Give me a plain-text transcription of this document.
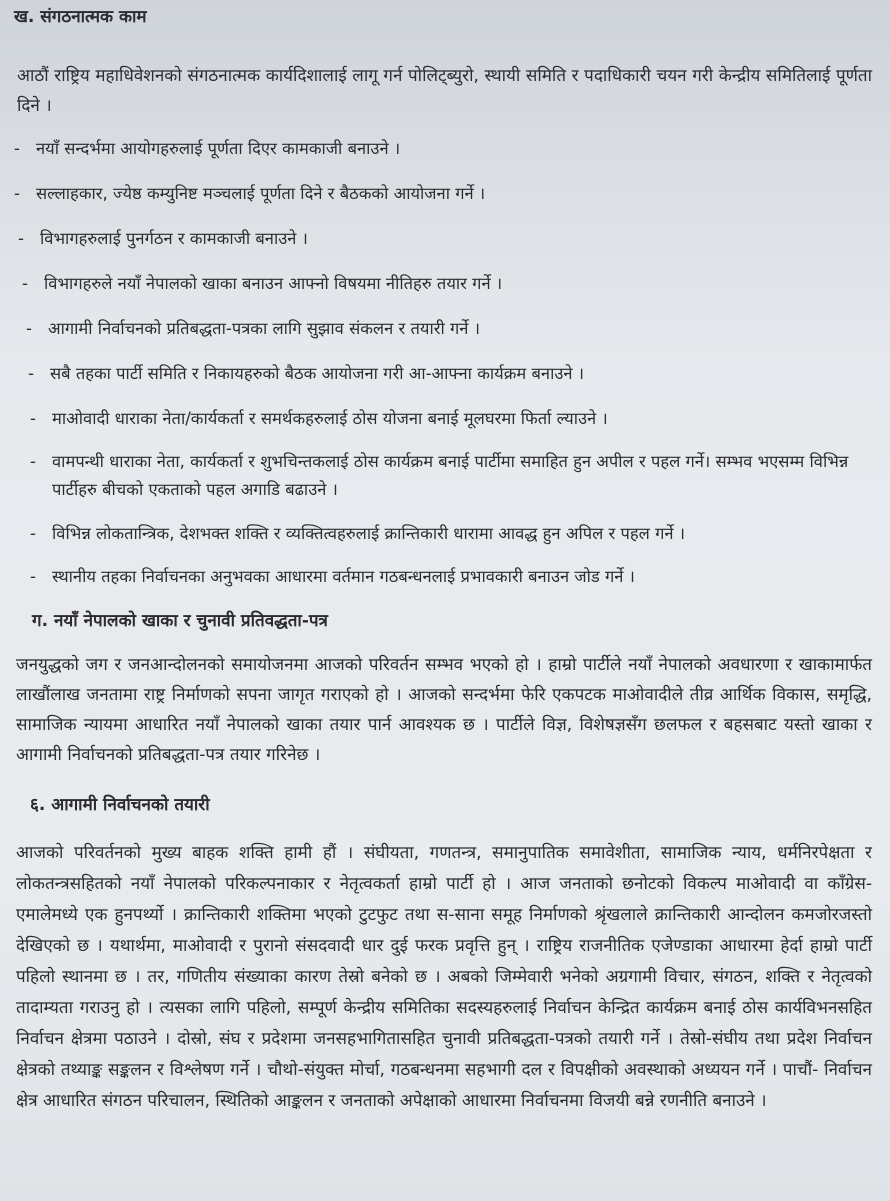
ख. संगठनात्मक काम

आठौं राष्ट्रिय महाधिवेशनको संगठनात्मक कार्यदिशालाई लागू गर्न पोलिट्ब्युरो, स्थायी समिति र पदाधिकारी चयन गरी केन्द्रीय समितिलाई पूर्णता दिने ।

- नयाँ सन्दर्भमा आयोगहरुलाई पूर्णता दिएर कामकाजी बनाउने ।
- सल्लाहकार, ज्येष्ठ कम्युनिष्ट मञ्चलाई पूर्णता दिने र बैठकको आयोजना गर्ने ।
- विभागहरुलाई पुनर्गठन र कामकाजी बनाउने ।
- विभागहरुले नयाँ नेपालको खाका बनाउन आफ्नो विषयमा नीतिहरु तयार गर्ने ।
- आगामी निर्वाचनको प्रतिबद्धता-पत्रका लागि सुझाव संकलन र तयारी गर्ने ।
- सबै तहका पार्टी समिति र निकायहरुको बैठक आयोजना गरी आ-आफ्ना कार्यक्रम बनाउने ।
- माओवादी धाराका नेता/कार्यकर्ता र समर्थकहरुलाई ठोस योजना बनाई मूलघरमा फिर्ता ल्याउने ।
- वामपन्थी धाराका नेता, कार्यकर्ता र शुभचिन्तकलाई ठोस कार्यक्रम बनाई पार्टीमा समाहित हुन अपील र पहल गर्ने। सम्भव भएसम्म विभिन्न पार्टीहरु बीचको एकताको पहल अगाडि बढाउने ।
- विभिन्न लोकतान्त्रिक, देशभक्त शक्ति र व्यक्तित्वहरुलाई क्रान्तिकारी धारामा आवद्ध हुन अपिल र पहल गर्ने ।
- स्थानीय तहका निर्वाचनका अनुभवका आधारमा वर्तमान गठबन्धनलाई प्रभावकारी बनाउन जोड गर्ने ।
ग. नयाँ नेपालको खाका र चुनावी प्रतिवद्धता-पत्र

जनयुद्धको जग र जनआन्दोलनको समायोजनमा आजको परिवर्तन सम्भव भएको हो । हाम्रो पार्टीले नयाँ नेपालको अवधारणा र खाकामार्फत लाखौंलाख जनतामा राष्ट्र निर्माणको सपना जागृत गराएको हो । आजको सन्दर्भमा फेरि एकपटक माओवादीले तीव्र आर्थिक विकास, समृद्धि, सामाजिक न्यायमा आधारित नयाँ नेपालको खाका तयार पार्न आवश्यक छ । पार्टीले विज्ञ, विशेषज्ञसँग छलफल र बहसबाट यस्तो खाका र आगामी निर्वाचनको प्रतिबद्धता-पत्र तयार गरिनेछ ।

६. आगामी निर्वाचनको तयारी

आजको परिवर्तनको मुख्य बाहक शक्ति हामी हौं । संघीयता, गणतन्त्र, समानुपातिक समावेशीता, सामाजिक न्याय, धर्मनिरपेक्षता र लोकतन्त्रसहितको नयाँ नेपालको परिकल्पनाकार र नेतृत्वकर्ता हाम्रो पार्टी हो । आज जनताको छनोटको विकल्प माओवादी वा काँग्रेस-एमालेमध्ये एक हुनपर्थ्यो । क्रान्तिकारी शक्तिमा भएको टुटफुट तथा स-साना समूह निर्माणको श्रृंखलाले क्रान्तिकारी आन्दोलन कमजोरजस्तो देखिएको छ । यथार्थमा, माओवादी र पुरानो संसदवादी धार दुई फरक प्रवृत्ति हुन् । राष्ट्रिय राजनीतिक एजेण्डाका आधारमा हेर्दा हाम्रो पार्टी पहिलो स्थानमा छ । तर, गणितीय संख्याका कारण तेस्रो बनेको छ । अबको जिम्मेवारी भनेको अग्रगामी विचार, संगठन, शक्ति र नेतृत्वको तादाम्यता गराउनु हो । त्यसका लागि पहिलो, सम्पूर्ण केन्द्रीय समितिका सदस्यहरुलाई निर्वाचन केन्द्रित कार्यक्रम बनाई ठोस कार्यविभनसहित निर्वाचन क्षेत्रमा पठाउने । दोस्रो, संघ र प्रदेशमा जनसहभागितासहित चुनावी प्रतिबद्धता-पत्रको तयारी गर्ने । तेस्रो-संघीय तथा प्रदेश निर्वाचन क्षेत्रको तथ्याङ्क सङ्कलन र विश्लेषण गर्ने । चौथो-संयुक्त मोर्चा, गठबन्धनमा सहभागी दल र विपक्षीको अवस्थाको अध्ययन गर्ने । पाचौं- निर्वाचन क्षेत्र आधारित संगठन परिचालन, स्थितिको आङ्कलन र जनताको अपेक्षाको आधारमा निर्वाचनमा विजयी बन्ने रणनीति बनाउने ।
